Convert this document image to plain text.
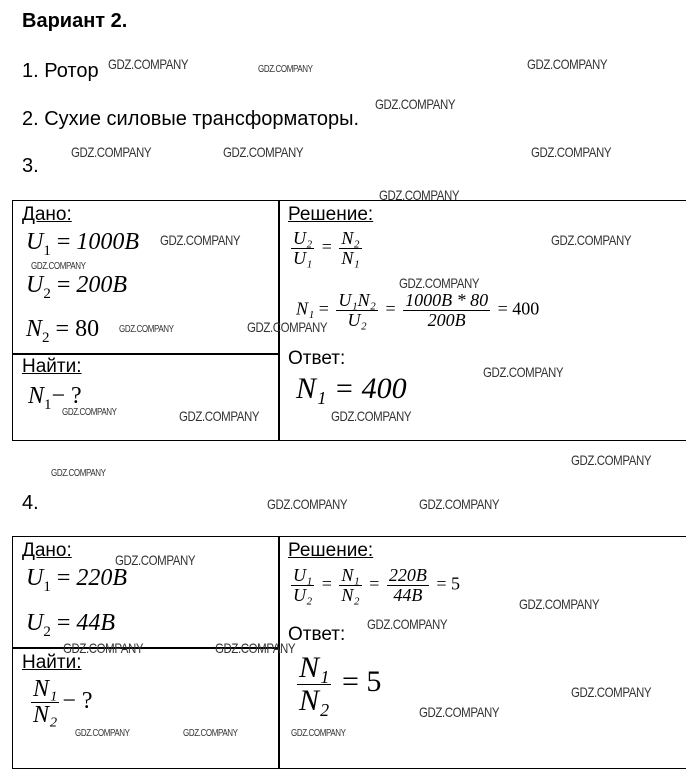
Вариант 2.
1. Ротор
2. Сухие силовые трансформаторы.
3.
4.
Дано:
$U_1 = 1000B$
$U_2 = 200B$
$N_2 = 80$
Найти:
$N_1-$ ?
Решение:
$\frac{\text{U₂}}{\text{U₁}} = \frac{\text{N₂}}{\text{N₁}}$
$N_1 = \frac{\text{U₁N₂}}{\text{U₂}} = \frac{1000B * 80}{200B} = 400$
Ответ:
N₁ = 400
Дано:
$U_1 = 220B$
$U_2 = 44B$
Найти:
$\frac{\text{N₁}}{\text{N₂}}$ − ?
Решение:
$\frac{\text{U₁}}{\text{U₂}} = \frac{\text{N₁}}{\text{N₂}} = \frac{220B}{44B} = 5$
Ответ:
$\frac{\text{N₁}}{\text{N₂}} = 5$
GDZ.COMPANY	GDZ.COMPANY	GDZ.COMPANY
GDZ.COMPANY
GDZ.COMPANY	GDZ.COMPANY	GDZ.COMPANY
GDZ.COMPANY
GDZ.COMPANY	GDZ.COMPANY
GDZ.COMPANY
GDZ.COMPANY
GDZ.COMPANY	GDZ.COMPANY
GDZ.COMPANY
GDZ.COMPANY	GDZ.COMPANY	GDZ.COMPANY
GDZ.COMPANY
GDZ.COMPANY
GDZ.COMPANY	GDZ.COMPANY
GDZ.COMPANY
GDZ.COMPANY
GDZ.COMPANY
GDZ.COMPANY	GDZ.COMPANY
GDZ.COMPANY
GDZ.COMPANY
GDZ.COMPANY	GDZ.COMPANY	GDZ.COMPANY
